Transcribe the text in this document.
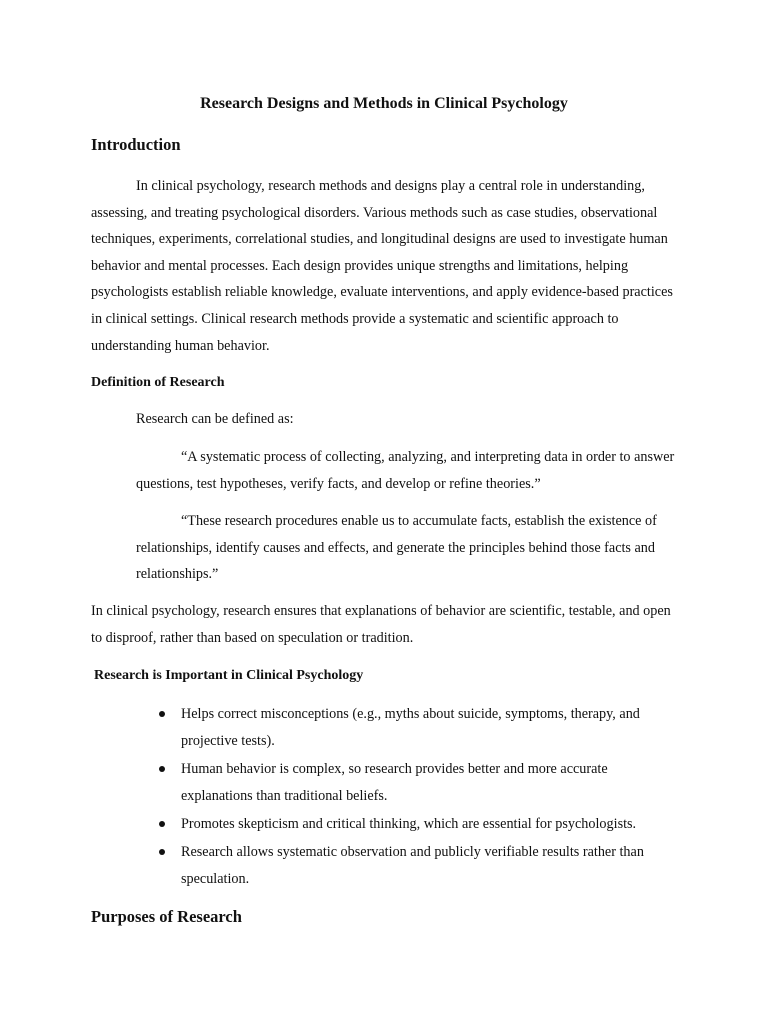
Research Designs and Methods in Clinical Psychology
Introduction

In clinical psychology, research methods and designs play a central role in understanding, assessing, and treating psychological disorders. Various methods such as case studies, observational techniques, experiments, correlational studies, and longitudinal designs are used to investigate human behavior and mental processes. Each design provides unique strengths and limitations, helping psychologists establish reliable knowledge, evaluate interventions, and apply evidence-based practices in clinical settings. Clinical research methods provide a systematic and scientific approach to understanding human behavior.

Definition of Research

Research can be defined as:

“A systematic process of collecting, analyzing, and interpreting data in order to answer questions, test hypotheses, verify facts, and develop or refine theories.”

“These research procedures enable us to accumulate facts, establish the existence of relationships, identify causes and effects, and generate the principles behind those facts and relationships.”

In clinical psychology, research ensures that explanations of behavior are scientific, testable, and open to disproof, rather than based on speculation or tradition.

Research is Important in Clinical Psychology
Helps correct misconceptions (e.g., myths about suicide, symptoms, therapy, and projective tests).
Human behavior is complex, so research provides better and more accurate explanations than traditional beliefs.
Promotes skepticism and critical thinking, which are essential for psychologists.
Research allows systematic observation and publicly verifiable results rather than speculation.
Purposes of Research
